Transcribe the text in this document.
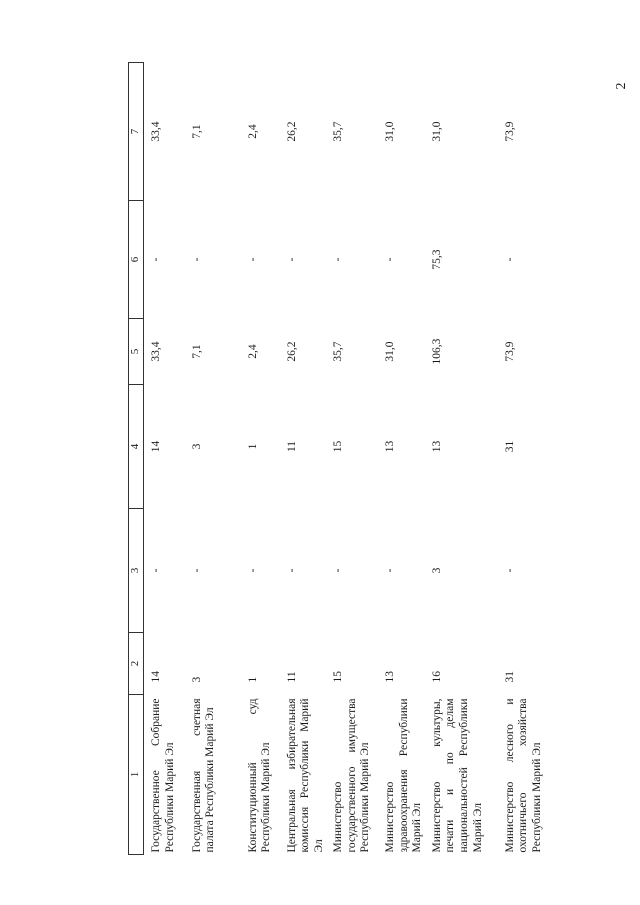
2
1	2	3	4	5	6	7
Государственное Собрание Республики Марий Эл	14	-	14	33,4	-	33,4
Государственная счетная палата Республики Марий Эл	3	-	3	7,1	-	7,1
Конституционный суд Республики Марий Эл	1	-	1	2,4	-	2,4
Центральная избирательная комиссия Республики Марий Эл	11	-	11	26,2	-	26,2
Министерство государственного имущества Республики Марий Эл	15	-	15	35,7	-	35,7
Министерство здравоохранения Республики Марий Эл	13	-	13	31,0	-	31,0
Министерство культуры, печати и по делам национальностей Республики Марий Эл	16	3	13	106,3	75,3	31,0
Министерство лесного и охотничьего хозяйства Республики Марий Эл	31	-	31	73,9	-	73,9
